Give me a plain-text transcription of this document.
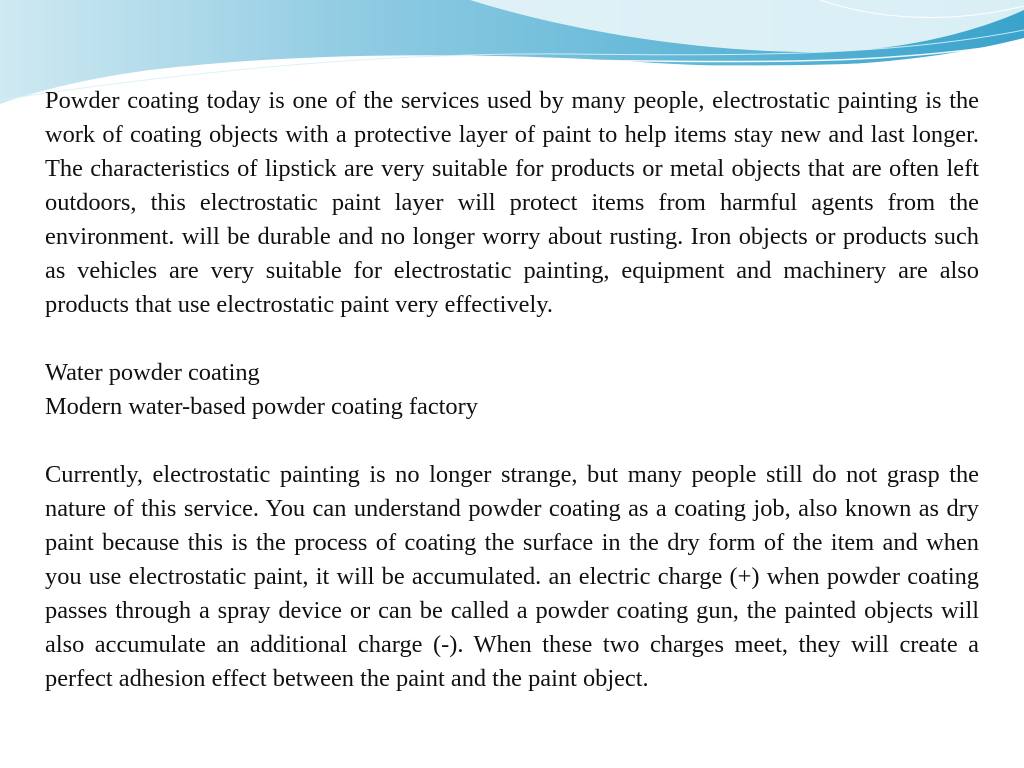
Powder coating today is one of the services used by many people, electrostatic painting is the work of coating objects with a protective layer of paint to help items stay new and last longer. The characteristics of lipstick are very suitable for products or metal objects that are often left outdoors, this electrostatic paint layer will protect items from harmful agents from the environment. will be durable and no longer worry about rusting. Iron objects or products such as vehicles are very suitable for electrostatic painting, equipment and machinery are also products that use electrostatic paint very effectively.

Water powder coating

Modern water-based powder coating factory

Currently, electrostatic painting is no longer strange, but many people still do not grasp the nature of this service. You can understand powder coating as a coating job, also known as dry paint because this is the process of coating the surface in the dry form of the item and when you use electrostatic paint, it will be accumulated. an electric charge (+) when powder coating passes through a spray device or can be called a powder coating gun, the painted objects will also accumulate an additional charge (-). When these two charges meet, they will create a perfect adhesion effect between the paint and the paint object.
